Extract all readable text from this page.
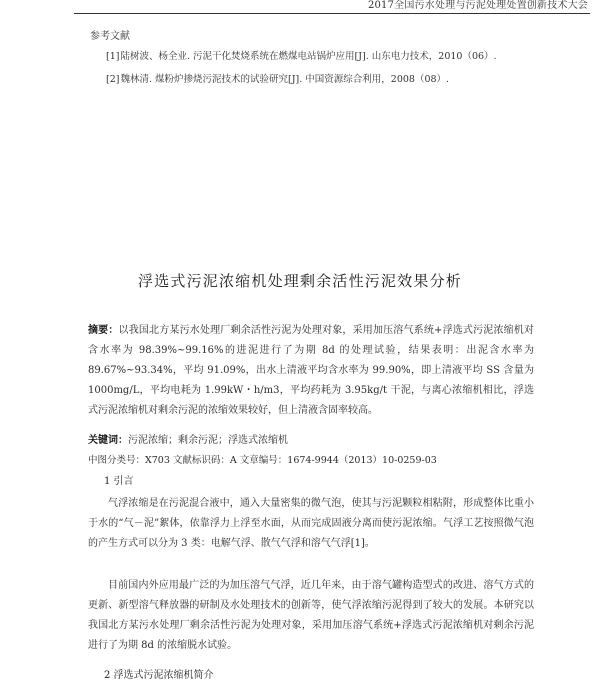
2017全国污水处理与污泥处理处置创新技术大会
参考文献
[1]陆树波、杨全业. 污泥干化焚烧系统在燃煤电站锅炉应用[J]. 山东电力技术，2010（06）.
[2]魏林清. 煤粉炉掺烧污泥技术的试验研究[J]. 中国资源综合利用，2008（08）.
浮选式污泥浓缩机处理剩余活性污泥效果分析
摘要：以我国北方某污水处理厂剩余活性污泥为处理对象，采用加压溶气系统+浮选式污泥浓缩机对含水率为 98.39%~99.16%的进泥进行了为期 8d 的处理试验，结果表明：出泥含水率为 89.67%~93.34%，平均 91.09%，出水上清液平均含水率为 99.90%，即上清液平均 SS 含量为 1000mg/L，平均电耗为 1.99kW・h/m3，平均药耗为 3.95kg/t 干泥，与离心浓缩机相比，浮选式污泥浓缩机对剩余污泥的浓缩效果较好，但上清液含固率较高。
关键词：污泥浓缩；剩余污泥；浮选式浓缩机
中图分类号：X703 文献标识码：A 文章编号：1674-9944（2013）10-0259-03
1 引言
气浮浓缩是在污泥混合液中，通入大量密集的微气泡，使其与污泥颗粒相粘附，形成整体比重小于水的“气－泥”絮体，依靠浮力上浮至水面，从而完成固液分离而使污泥浓缩。气浮工艺按照微气泡的产生方式可以分为 3 类：电解气浮、散气气浮和溶气气浮[1]。
目前国内外应用最广泛的为加压溶气气浮，近几年来，由于溶气罐构造型式的改进、溶气方式的更新、新型溶气释放器的研制及水处理技术的创新等，使气浮浓缩污泥得到了较大的发展。本研究以我国北方某污水处理厂剩余活性污泥为处理对象，采用加压溶气系统+浮选式污泥浓缩机对剩余污泥进行了为期 8d 的浓缩脱水试验。
2 浮选式污泥浓缩机简介
